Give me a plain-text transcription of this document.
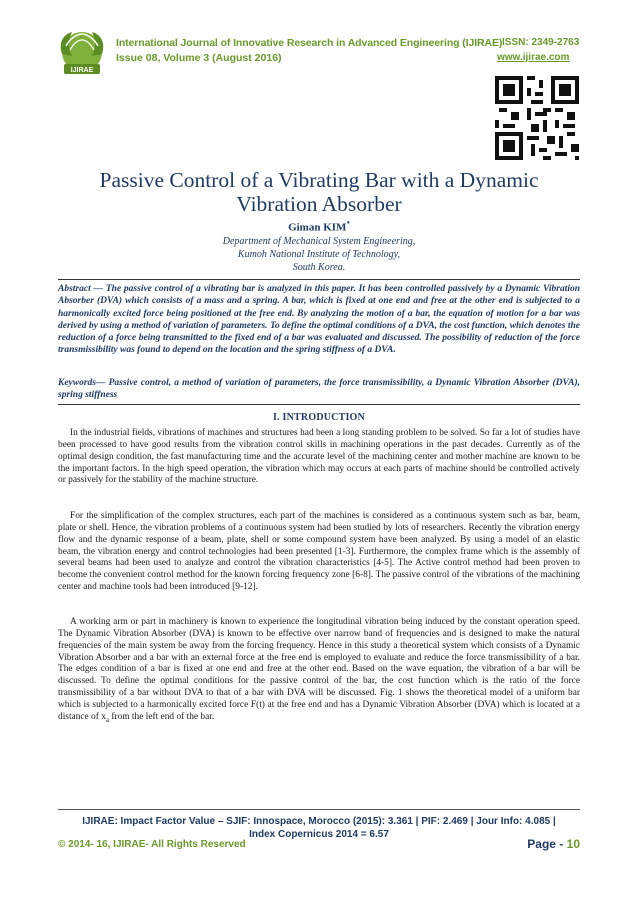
IJIRAE
International Journal of Innovative Research in Advanced Engineering (IJIRAE) ISSN: 2349-2763
Issue 08, Volume 3 (August 2016)	www.ijirae.com
Passive Control of a Vibrating Bar with a Dynamic Vibration Absorber
Giman KIM*
Department of Mechanical System Engineering,
Kumoh National Institute of Technology,
South Korea.
Abstract — The passive control of a vibrating bar is analyzed in this paper. It has been controlled passively by a Dynamic Vibration Absorber (DVA) which consists of a mass and a spring. A bar, which is fixed at one end and free at the other end is subjected to a harmonically excited force being positioned at the free end. By analyzing the motion of a bar, the equation of motion for a bar was derived by using a method of variation of parameters. To define the optimal conditions of a DVA, the cost function, which denotes the reduction of a force being transmitted to the fixed end of a bar was evaluated and discussed. The possibility of reduction of the force transmissibility was found to depend on the location and the spring stiffness of a DVA.
Keywords— Passive control, a method of variation of parameters, the force transmissibility, a Dynamic Vibration Absorber (DVA), spring stiffness
I. INTRODUCTION
In the industrial fields, vibrations of machines and structures had been a long standing problem to be solved. So far a lot of studies have been processed to have good results from the vibration control skills in machining operations in the past decades. Currently as of the optimal design condition, the fast manufacturing time and the accurate level of the machining center and mother machine are known to be the important factors. In the high speed operation, the vibration which may occurs at each parts of machine should be controlled actively or passively for the stability of the machine structure.
For the simplification of the complex structures, each part of the machines is considered as a continuous system such as bar, beam, plate or shell. Hence, the vibration problems of a continuous system had been studied by lots of researchers. Recently the vibration energy flow and the dynamic response of a beam, plate, shell or some compound system have been analyzed. By using a model of an elastic beam, the vibration energy and control technologies had been presented [1-3]. Furthermore, the complex frame which is the assembly of several beams had been used to analyze and control the vibration characteristics [4-5]. The Active control method had been proven to become the convenient control method for the known forcing frequency zone [6-8]. The passive control of the vibrations of the machining center and machine tools had been introduced [9-12].
A working arm or part in machinery is known to experience the longitudinal vibration being induced by the constant operation speed. The Dynamic Vibration Absorber (DVA) is known to be effective over narrow band of frequencies and is designed to make the natural frequencies of the main system be away from the forcing frequency. Hence in this study a theoretical system which consists of a Dynamic Vibration Absorber and a bar with an external force at the free end is employed to evaluate and reduce the force transmissibility of a bar. The edges condition of a bar is fixed at one end and free at the other end. Based on the wave equation, the vibration of a bar will be discussed. To define the optimal conditions for the passive control of the bar, the cost function which is the ratio of the force transmissibility of a bar without DVA to that of a bar with DVA will be discussed. Fig. 1 shows the theoretical model of a uniform bar which is subjected to a harmonically excited force F(t) at the free end and has a Dynamic Vibration Absorber (DVA) which is located at a distance of $x_a$ from the left end of the bar.
IJIRAE: Impact Factor Value – SJIF: Innospace, Morocco (2015): 3.361 | PIF: 2.469 | Jour Info: 4.085 |
Index Copernicus 2014 = 6.57
© 2014- 16, IJIRAE- All Rights Reserved	Page - 10
